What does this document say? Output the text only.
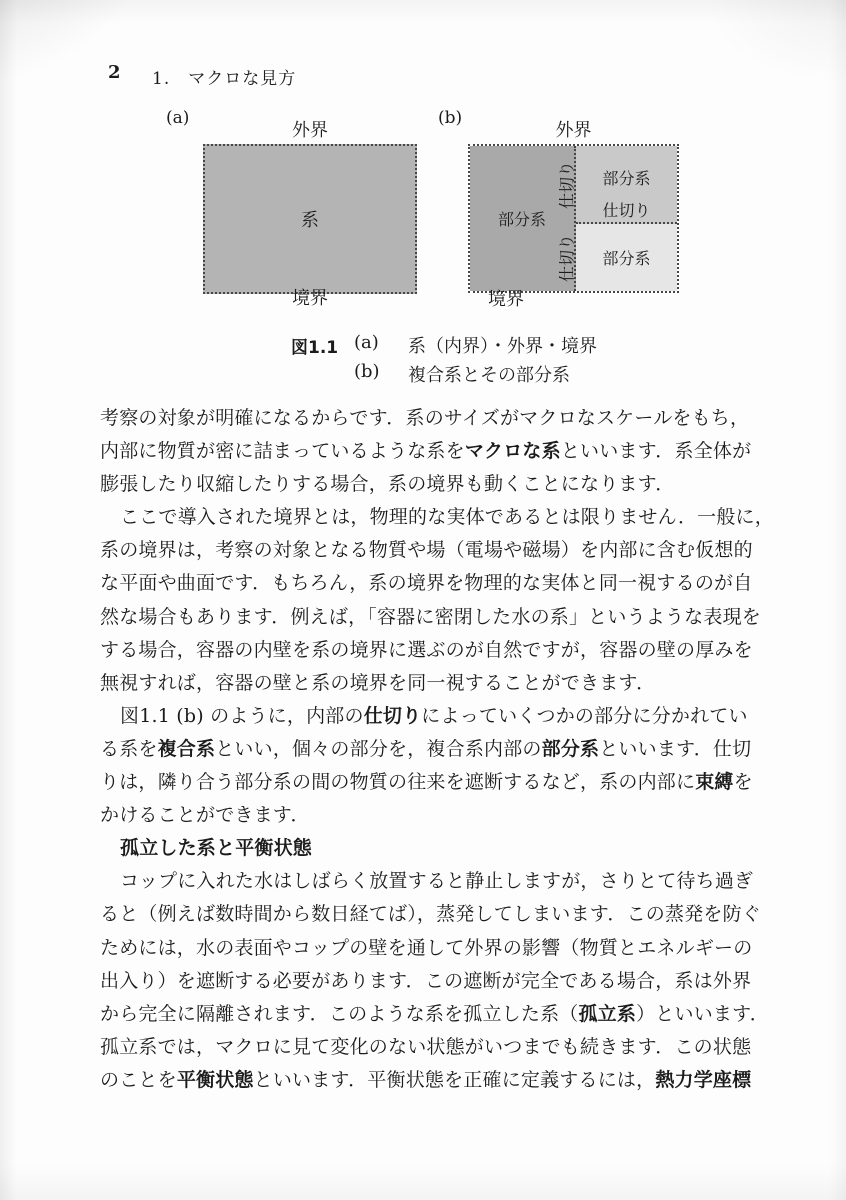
2 1.　マクロな見方
(a)
外界
系
境界
(b)
外界
部分系
部分系
仕切り
部分系
仕切り
仕切り
境界
図1.1 (a) 系（内界）・外界・境界
(b) 複合系とその部分系
考察の対象が明確になるからです．系のサイズがマクロなスケールをもち，
内部に物質が密に詰まっているような系をマクロな系といいます．系全体が
膨張したり収縮したりする場合，系の境界も動くことになります．
ここで導入された境界とは，物理的な実体であるとは限りません．一般に，
系の境界は，考察の対象となる物質や場（電場や磁場）を内部に含む仮想的
な平面や曲面です．もちろん，系の境界を物理的な実体と同一視するのが自
然な場合もあります．例えば，「容器に密閉した水の系」というような表現を
する場合，容器の内壁を系の境界に選ぶのが自然ですが，容器の壁の厚みを
無視すれば，容器の壁と系の境界を同一視することができます．
図1.1 (b) のように，内部の仕切りによっていくつかの部分に分かれてい
る系を複合系といい，個々の部分を，複合系内部の部分系といいます．仕切
りは，隣り合う部分系の間の物質の往来を遮断するなど，系の内部に束縛を
かけることができます．
孤立した系と平衡状態
コップに入れた水はしばらく放置すると静止しますが，さりとて待ち過ぎ
ると（例えば数時間から数日経てば），蒸発してしまいます．この蒸発を防ぐ
ためには，水の表面やコップの壁を通して外界の影響（物質とエネルギーの
出入り）を遮断する必要があります．この遮断が完全である場合，系は外界
から完全に隔離されます．このような系を孤立した系（孤立系）といいます．
孤立系では，マクロに見て変化のない状態がいつまでも続きます．この状態
のことを平衡状態といいます．平衡状態を正確に定義するには，熱力学座標
